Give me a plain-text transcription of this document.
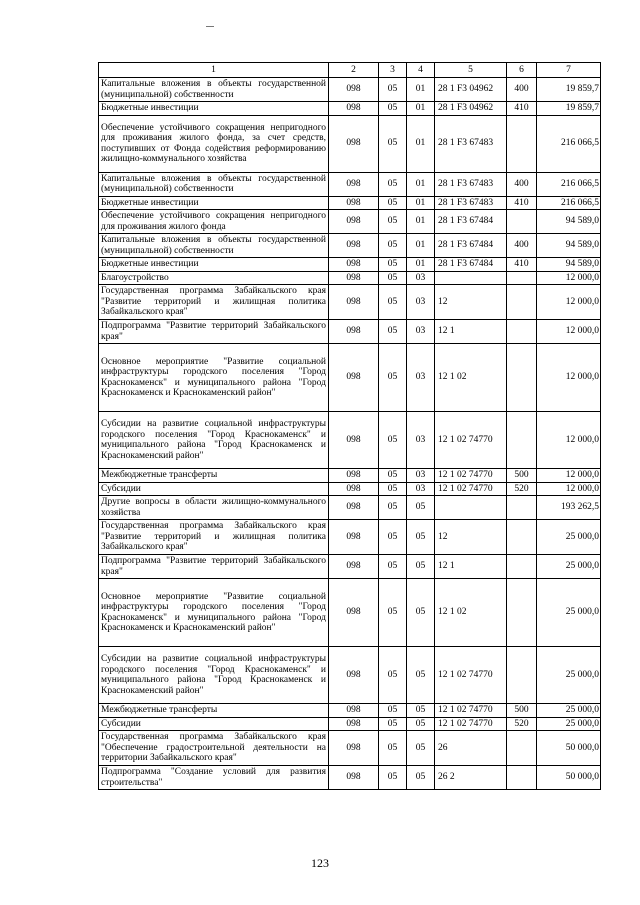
1	2	3	4	5	6	7
Капитальные вложения в объекты государственной (муниципальной) собственности	098	05	01	28 1 F3 04962	400	19 859,7
Бюджетные инвестиции	098	05	01	28 1 F3 04962	410	19 859,7
Обеспечение устойчивого сокращения непригодного для проживания жилого фонда, за счет средств, поступивших от Фонда содействия реформированию жилищно-коммунального хозяйства	098	05	01	28 1 F3 67483		216 066,5
Капитальные вложения в объекты государственной (муниципальной) собственности	098	05	01	28 1 F3 67483	400	216 066,5
Бюджетные инвестиции	098	05	01	28 1 F3 67483	410	216 066,5
Обеспечение устойчивого сокращения непригодного для проживания жилого фонда	098	05	01	28 1 F3 67484		94 589,0
Капитальные вложения в объекты государственной (муниципальной) собственности	098	05	01	28 1 F3 67484	400	94 589,0
Бюджетные инвестиции	098	05	01	28 1 F3 67484	410	94 589,0
Благоустройство	098	05	03			12 000,0
Государственная программа Забайкальского края "Развитие территорий и жилищная политика Забайкальского края"	098	05	03	12		12 000,0
Подпрограмма "Развитие территорий Забайкальского края"	098	05	03	12 1		12 000,0
Основное мероприятие "Развитие социальной инфраструктуры городского поселения "Город Краснокаменск" и муниципального района "Город Краснокаменск и Краснокаменский район"	098	05	03	12 1 02		12 000,0
Субсидии на развитие социальной инфраструктуры городского поселения "Город Краснокаменск" и муниципального района "Город Краснокаменск и Краснокаменский район"	098	05	03	12 1 02 74770		12 000,0
Межбюджетные трансферты	098	05	03	12 1 02 74770	500	12 000,0
Субсидии	098	05	03	12 1 02 74770	520	12 000,0
Другие вопросы в области жилищно-коммунального хозяйства	098	05	05			193 262,5
Государственная программа Забайкальского края "Развитие территорий и жилищная политика Забайкальского края"	098	05	05	12		25 000,0
Подпрограмма "Развитие территорий Забайкальского края"	098	05	05	12 1		25 000,0
Основное мероприятие "Развитие социальной инфраструктуры городского поселения "Город Краснокаменск" и муниципального района "Город Краснокаменск и Краснокаменский район"	098	05	05	12 1 02		25 000,0
Субсидии на развитие социальной инфраструктуры городского поселения "Город Краснокаменск" и муниципального района "Город Краснокаменск и Краснокаменский район"	098	05	05	12 1 02 74770		25 000,0
Межбюджетные трансферты	098	05	05	12 1 02 74770	500	25 000,0
Субсидии	098	05	05	12 1 02 74770	520	25 000,0
Государственная программа Забайкальского края "Обеспечение градостроительной деятельности на территории Забайкальского края"	098	05	05	26		50 000,0
Подпрограмма "Создание условий для развития строительства"	098	05	05	26 2		50 000,0
123
